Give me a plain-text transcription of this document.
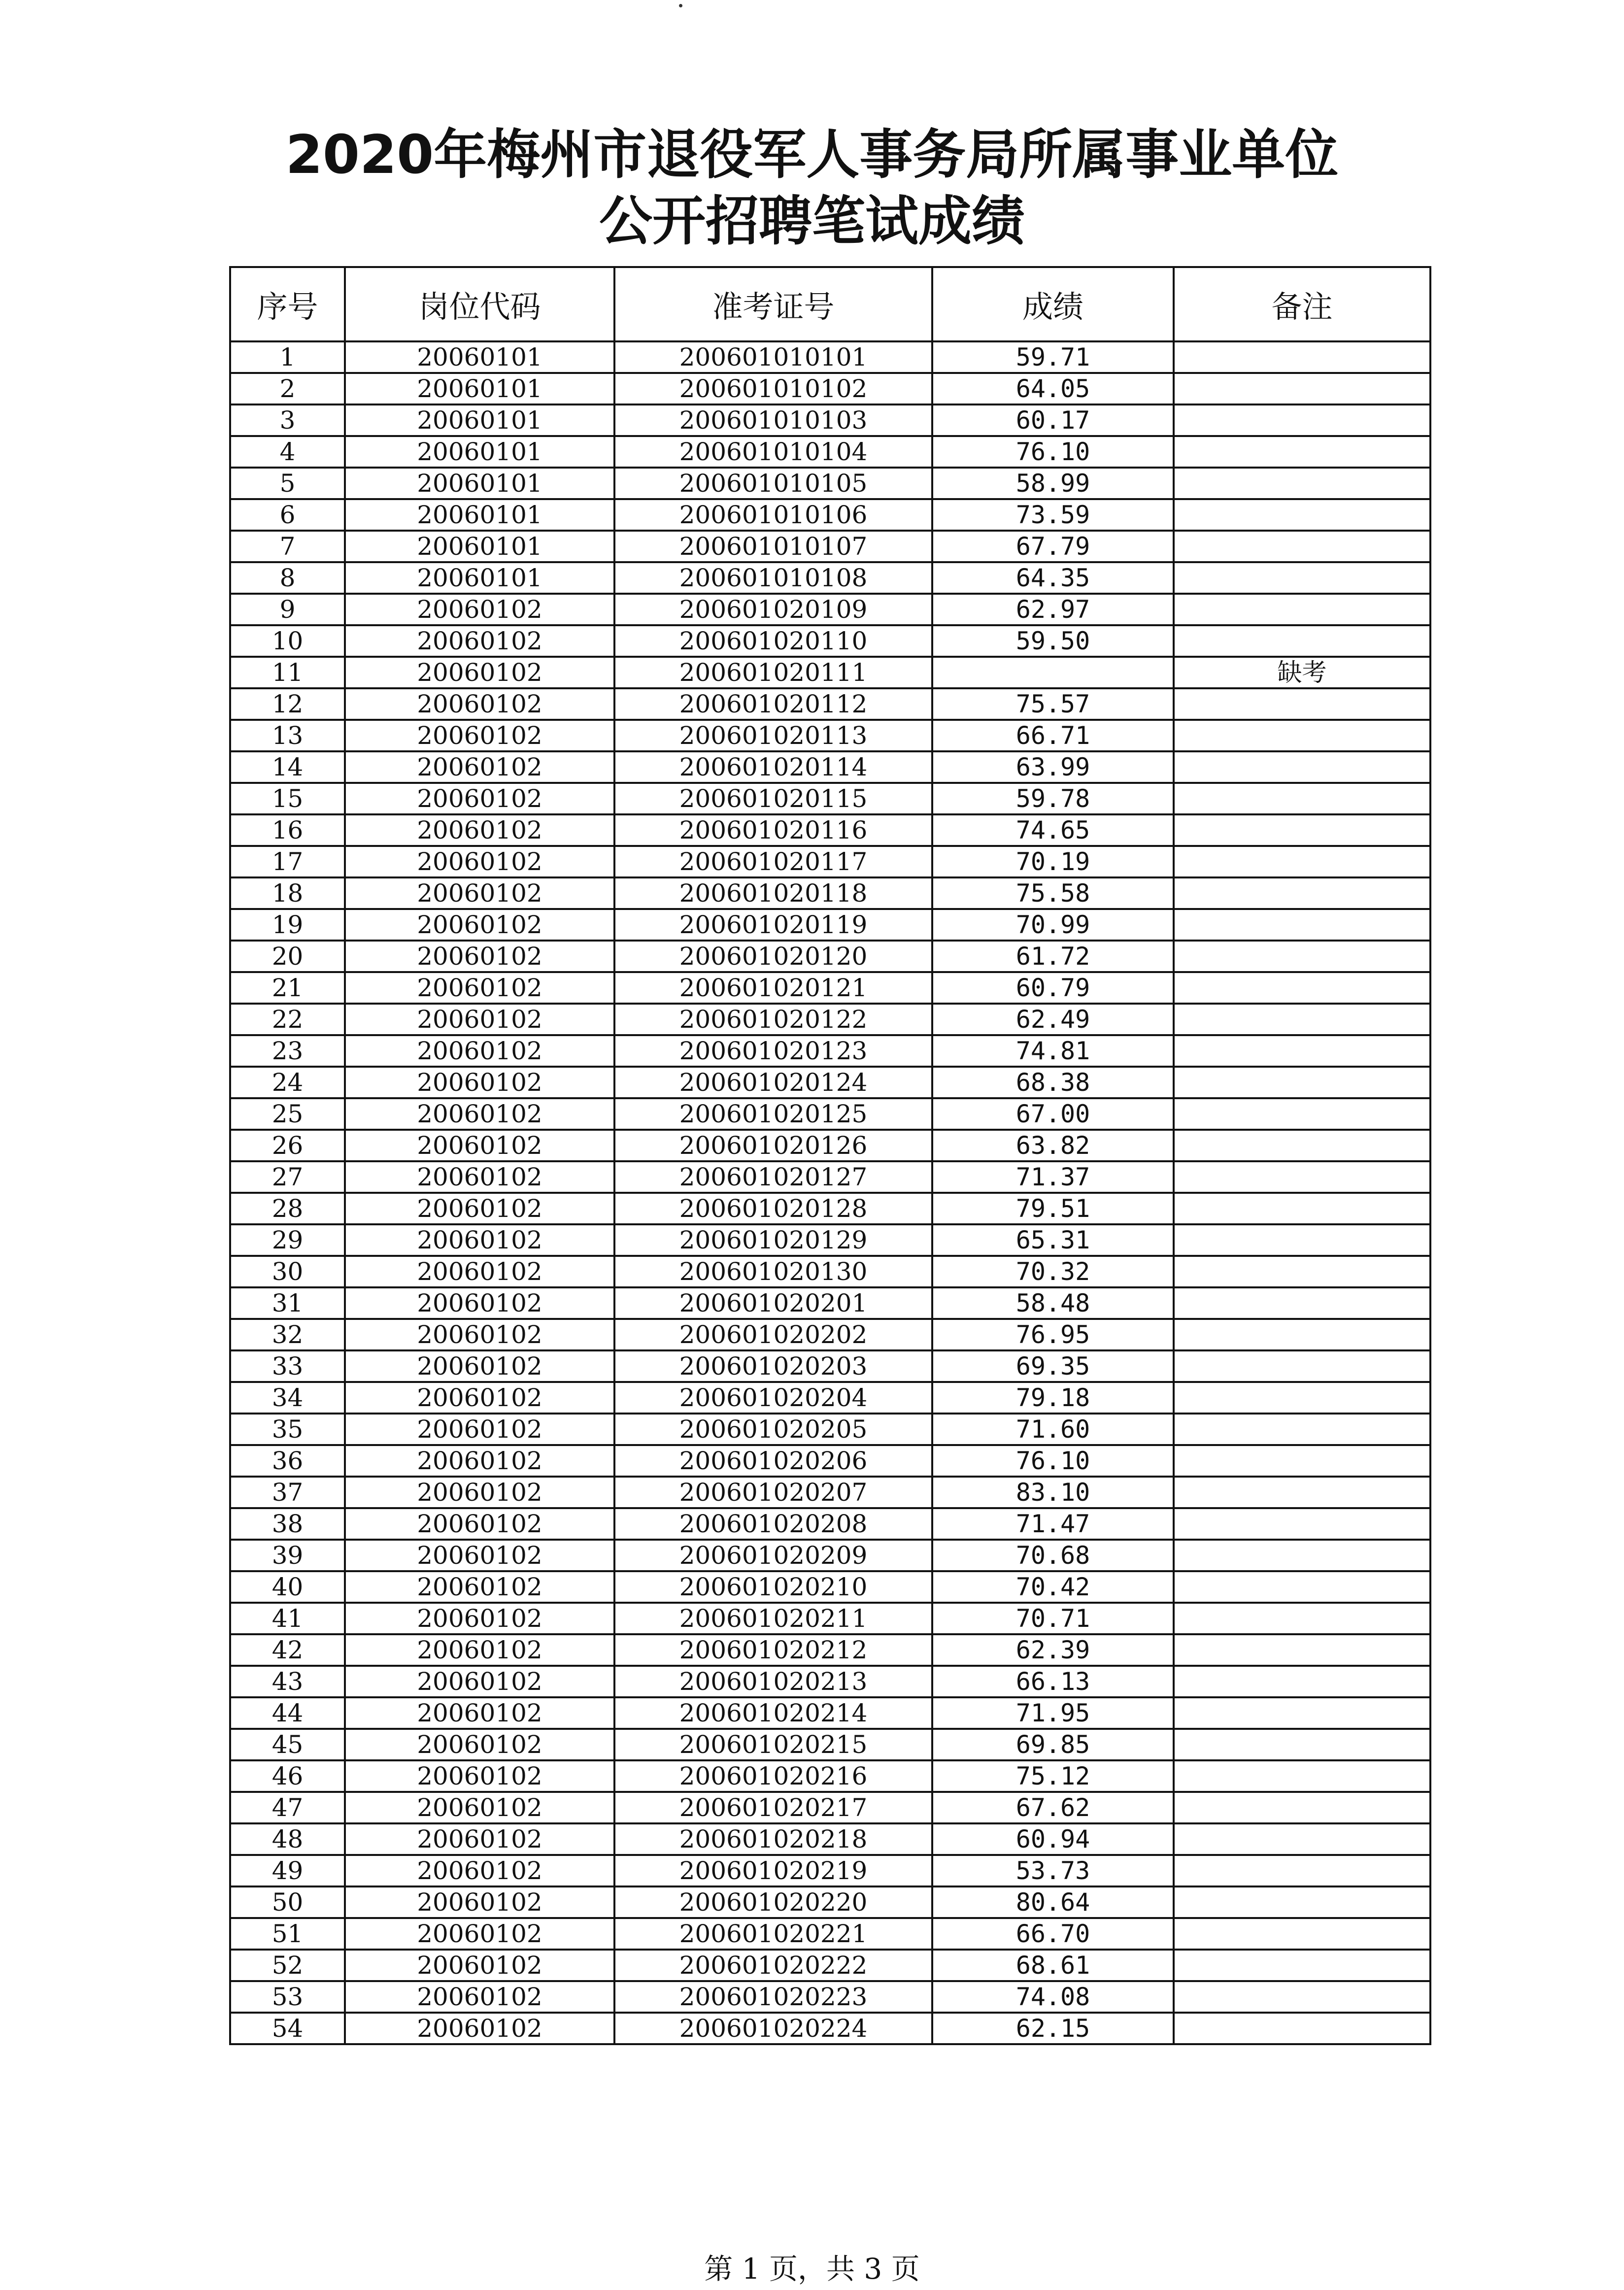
2020年梅州市退役军人事务局所属事业单位
公开招聘笔试成绩
序号	岗位代码	准考证号	成绩	备注
1	20060101	200601010101	59.71	
2	20060101	200601010102	64.05	
3	20060101	200601010103	60.17	
4	20060101	200601010104	76.10	
5	20060101	200601010105	58.99	
6	20060101	200601010106	73.59	
7	20060101	200601010107	67.79	
8	20060101	200601010108	64.35	
9	20060102	200601020109	62.97	
10	20060102	200601020110	59.50	
11	20060102	200601020111		缺考
12	20060102	200601020112	75.57	
13	20060102	200601020113	66.71	
14	20060102	200601020114	63.99	
15	20060102	200601020115	59.78	
16	20060102	200601020116	74.65	
17	20060102	200601020117	70.19	
18	20060102	200601020118	75.58	
19	20060102	200601020119	70.99	
20	20060102	200601020120	61.72	
21	20060102	200601020121	60.79	
22	20060102	200601020122	62.49	
23	20060102	200601020123	74.81	
24	20060102	200601020124	68.38	
25	20060102	200601020125	67.00	
26	20060102	200601020126	63.82	
27	20060102	200601020127	71.37	
28	20060102	200601020128	79.51	
29	20060102	200601020129	65.31	
30	20060102	200601020130	70.32	
31	20060102	200601020201	58.48	
32	20060102	200601020202	76.95	
33	20060102	200601020203	69.35	
34	20060102	200601020204	79.18	
35	20060102	200601020205	71.60	
36	20060102	200601020206	76.10	
37	20060102	200601020207	83.10	
38	20060102	200601020208	71.47	
39	20060102	200601020209	70.68	
40	20060102	200601020210	70.42	
41	20060102	200601020211	70.71	
42	20060102	200601020212	62.39	
43	20060102	200601020213	66.13	
44	20060102	200601020214	71.95	
45	20060102	200601020215	69.85	
46	20060102	200601020216	75.12	
47	20060102	200601020217	67.62	
48	20060102	200601020218	60.94	
49	20060102	200601020219	53.73	
50	20060102	200601020220	80.64	
51	20060102	200601020221	66.70	
52	20060102	200601020222	68.61	
53	20060102	200601020223	74.08	
54	20060102	200601020224	62.15	
第 1 页，共 3 页
